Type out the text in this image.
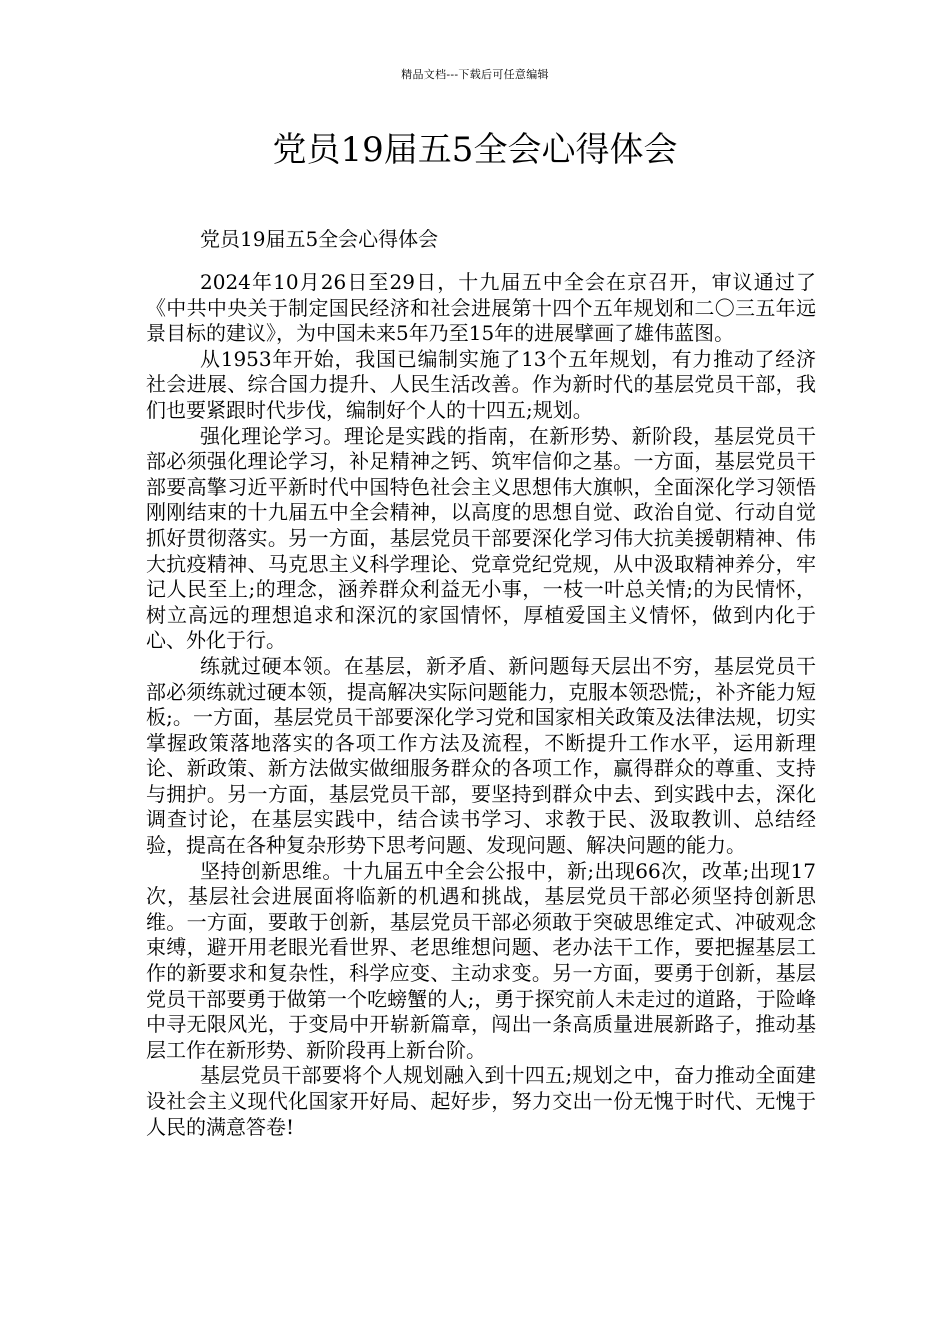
精品文档---下载后可任意编辑
党员19届五5全会心得体会
党员19届五5全会心得体会

2024年10月26日至29日，十九届五中全会在京召开，审议通过了《中共中央关于制定国民经济和社会进展第十四个五年规划和二〇三五年远景目标的建议》，为中国未来5年乃至15年的进展擘画了雄伟蓝图。

从1953年开始，我国已编制实施了13个五年规划，有力推动了经济社会进展、综合国力提升、人民生活改善。作为新时代的基层党员干部，我们也要紧跟时代步伐，编制好个人的十四五;规划。

强化理论学习。理论是实践的指南，在新形势、新阶段，基层党员干部必须强化理论学习，补足精神之钙、筑牢信仰之基。一方面，基层党员干部要高擎习近平新时代中国特色社会主义思想伟大旗帜，全面深化学习领悟刚刚结束的十九届五中全会精神，以高度的思想自觉、政治自觉、行动自觉抓好贯彻落实。另一方面，基层党员干部要深化学习伟大抗美援朝精神、伟大抗疫精神、马克思主义科学理论、党章党纪党规，从中汲取精神养分，牢记人民至上;的理念，涵养群众利益无小事，一枝一叶总关情;的为民情怀，树立高远的理想追求和深沉的家国情怀，厚植爱国主义情怀，做到内化于心、外化于行。

练就过硬本领。在基层，新矛盾、新问题每天层出不穷，基层党员干部必须练就过硬本领，提高解决实际问题能力，克服本领恐慌;，补齐能力短板;。一方面，基层党员干部要深化学习党和国家相关政策及法律法规，切实掌握政策落地落实的各项工作方法及流程，不断提升工作水平，运用新理论、新政策、新方法做实做细服务群众的各项工作，赢得群众的尊重、支持与拥护。另一方面，基层党员干部，要坚持到群众中去、到实践中去，深化调查讨论，在基层实践中，结合读书学习、求教于民、汲取教训、总结经验，提高在各种复杂形势下思考问题、发现问题、解决问题的能力。

坚持创新思维。十九届五中全会公报中，新;出现66次，改革;出现17次，基层社会进展面将临新的机遇和挑战，基层党员干部必须坚持创新思维。一方面，要敢于创新，基层党员干部必须敢于突破思维定式、冲破观念束缚，避开用老眼光看世界、老思维想问题、老办法干工作，要把握基层工作的新要求和复杂性，科学应变、主动求变。另一方面，要勇于创新，基层党员干部要勇于做第一个吃螃蟹的人;，勇于探究前人未走过的道路，于险峰中寻无限风光，于变局中开崭新篇章，闯出一条高质量进展新路子，推动基层工作在新形势、新阶段再上新台阶。

基层党员干部要将个人规划融入到十四五;规划之中，奋力推动全面建设社会主义现代化国家开好局、起好步，努力交出一份无愧于时代、无愧于人民的满意答卷!
